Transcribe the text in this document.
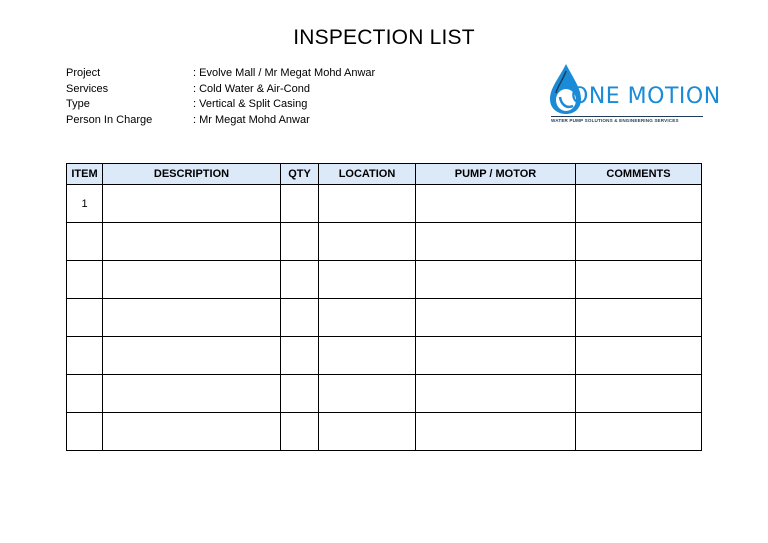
INSPECTION LIST
Project	: Evolve Mall / Mr Megat Mohd Anwar
Services	: Cold Water & Air-Cond
Type	: Vertical & Split Casing
Person In Charge	: Mr Megat Mohd Anwar
ONE MOTION
WATER PUMP SOLUTIONS & ENGINEERING SERVICES
ITEM	DESCRIPTION	QTY	LOCATION	PUMP / MOTOR	COMMENTS
1					
